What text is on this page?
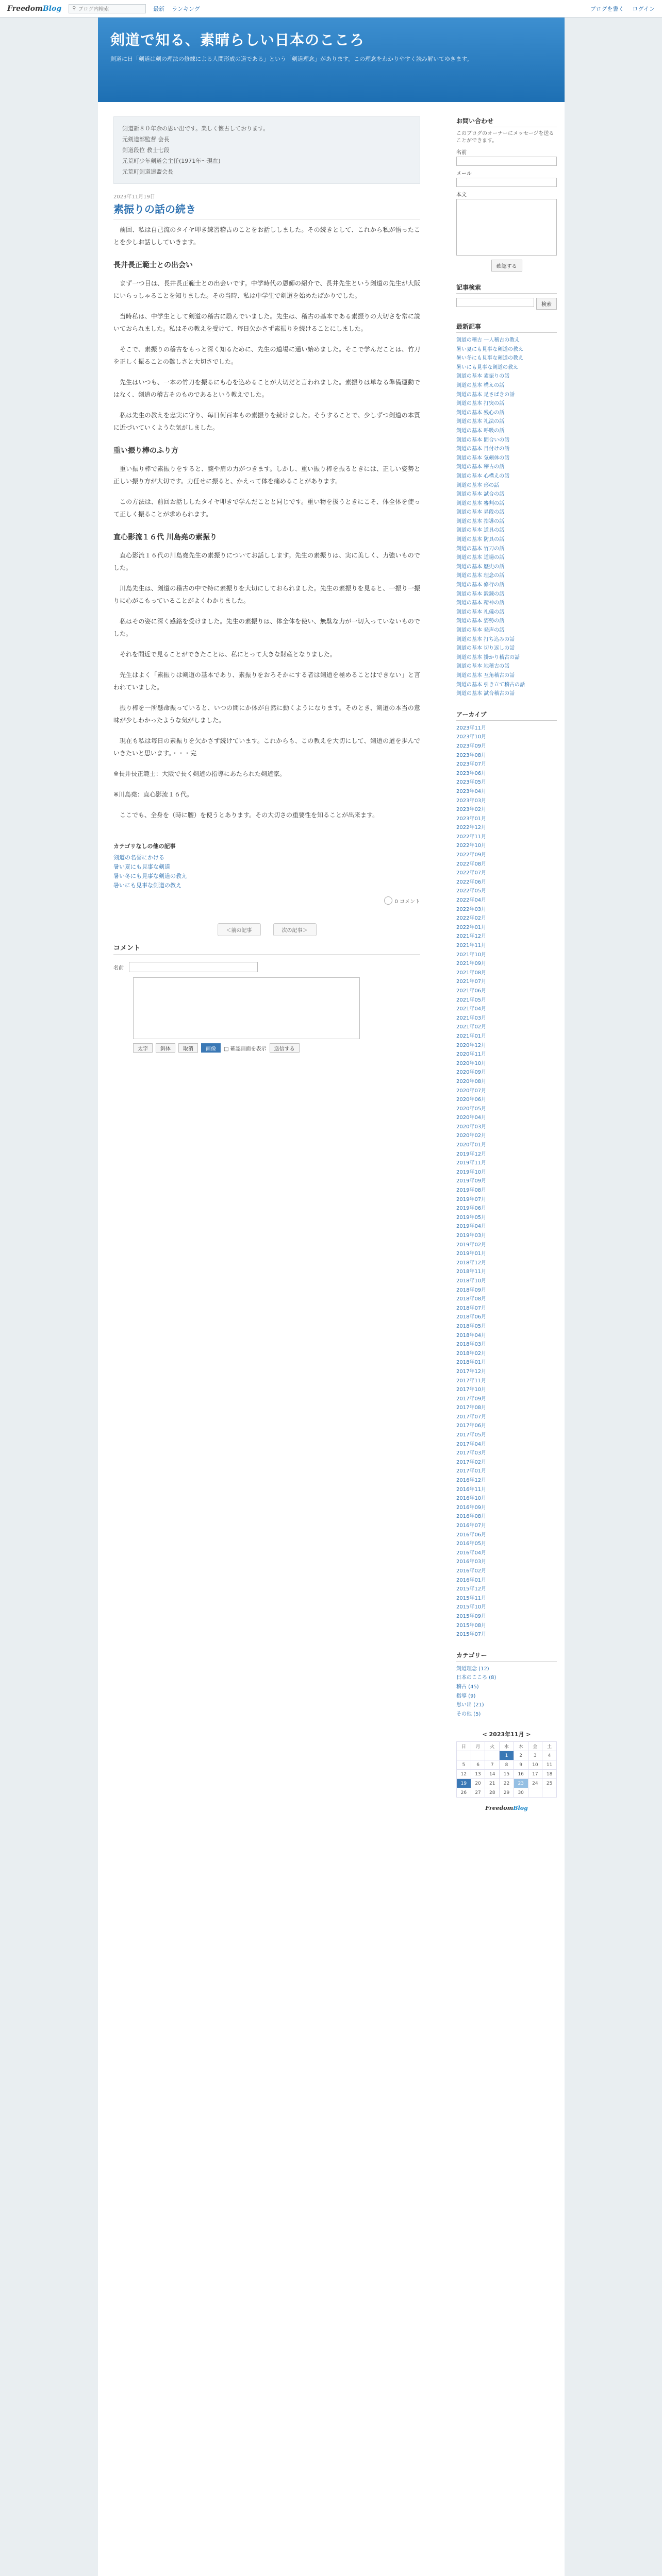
FreedomBlog ⚲ ブログ内検索	最新 ランキング	ブログを書く ログイン
剣道で知る、素晴らしい日本のこころ

剣道に日「剣道は剣の理法の修練による人間形成の道である」という「剣道理念」があります。この理念をわかりやすく読み解いてゆきます。

剣道新８０年余の思い出です。楽しく懐古しております。
元剣道部監督 会長
剣道段位 教士七段
元荒町少年剣道会主任(1971年〜現在)
元荒町剣道連盟会長
2023年11月19日
素振りの話の続き

前回、私は自己流のタイヤ叩き練習稽古のことをお話ししました。その続きとして、これから私が悟ったことを少しお話ししていきます。

長井長正範士との出会い

まず一つ目は、長井長正範士との出会いです。中学時代の恩師の紹介で、長井先生という剣道の先生が大阪にいらっしゃることを知りました。その当時、私は中学生で剣道を始めたばかりでした。

当時私は、中学生として剣道の稽古に励んでいました。先生は、稽古の基本である素振りの大切さを常に説いておられました。私はその教えを受けて、毎日欠かさず素振りを続けることにしました。

そこで、素振りの稽古をもっと深く知るために、先生の道場に通い始めました。そこで学んだことは、竹刀を正しく振ることの難しさと大切さでした。

先生はいつも、一本の竹刀を振るにも心を込めることが大切だと言われました。素振りは単なる準備運動ではなく、剣道の稽古そのものであるという教えでした。

私は先生の教えを忠実に守り、毎日何百本もの素振りを続けました。そうすることで、少しずつ剣道の本質に近づいていくような気がしました。

重い振り棒のふり方

重い振り棒で素振りをすると、腕や肩の力がつきます。しかし、重い振り棒を振るときには、正しい姿勢と正しい振り方が大切です。力任せに振ると、かえって体を痛めることがあります。

この方法は、前回お話ししたタイヤ叩きで学んだことと同じです。重い物を扱うときにこそ、体全体を使って正しく振ることが求められます。

直心影流１６代 川島堯の素振り

直心影流１６代の川島堯先生の素振りについてお話しします。先生の素振りは、実に美しく、力強いものでした。

川島先生は、剣道の稽古の中で特に素振りを大切にしておられました。先生の素振りを見ると、一振り一振りに心がこもっていることがよくわかりました。

私はその姿に深く感銘を受けました。先生の素振りは、体全体を使い、無駄な力が一切入っていないものでした。

それを間近で見ることができたことは、私にとって大きな財産となりました。

先生はよく「素振りは剣道の基本であり、素振りをおろそかにする者は剣道を極めることはできない」と言われていました。

振り棒を一所懸命振っていると、いつの間にか体が自然に動くようになります。そのとき、剣道の本当の意味が少しわかったような気がしました。

現在も私は毎日の素振りを欠かさず続けています。これからも、この教えを大切にして、剣道の道を歩んでいきたいと思います。・・・完

※長井長正範士：大阪で長く剣道の指導にあたられた剣道家。

※川島堯：直心影流１６代。

ここでも、全身を（時に腰）を使うとあります。その大切さの重要性を知ることが出来ます。

カテゴリなしの他の記事
剣道の名誉にかける
暑い夏にも見事な剣道
暑い冬にも見事な剣道の教え
暑いにも見事な剣道の教え
0 コメント
＜前の記事	次の記事＞
コメント
名前
太字	斜体	取消	画像	□ 確認画面を表示	送信する
お問い合わせ

このブログのオーナーにメッセージを送ることができます。

名前
メール
本文
確認する
記事検索
検索
最新記事
剣道の稽古 一人稽古の教え
暑い夏にも見事な剣道の教え
暑い冬にも見事な剣道の教え
暑いにも見事な剣道の教え
剣道の基本 素振りの話
剣道の基本 構えの話
剣道の基本 足さばきの話
剣道の基本 打突の話
剣道の基本 残心の話
剣道の基本 礼法の話
剣道の基本 呼吸の話
剣道の基本 間合いの話
剣道の基本 目付けの話
剣道の基本 気剣体の話
剣道の基本 稽古の話
剣道の基本 心構えの話
剣道の基本 形の話
剣道の基本 試合の話
剣道の基本 審判の話
剣道の基本 昇段の話
剣道の基本 指導の話
剣道の基本 道具の話
剣道の基本 防具の話
剣道の基本 竹刀の話
剣道の基本 道場の話
剣道の基本 歴史の話
剣道の基本 理念の話
剣道の基本 修行の話
剣道の基本 鍛錬の話
剣道の基本 精神の話
剣道の基本 礼儀の話
剣道の基本 姿勢の話
剣道の基本 発声の話
剣道の基本 打ち込みの話
剣道の基本 切り返しの話
剣道の基本 掛かり稽古の話
剣道の基本 地稽古の話
剣道の基本 互角稽古の話
剣道の基本 引き立て稽古の話
剣道の基本 試合稽古の話
アーカイブ
2023年11月
2023年10月
2023年09月
2023年08月
2023年07月
2023年06月
2023年05月
2023年04月
2023年03月
2023年02月
2023年01月
2022年12月
2022年11月
2022年10月
2022年09月
2022年08月
2022年07月
2022年06月
2022年05月
2022年04月
2022年03月
2022年02月
2022年01月
2021年12月
2021年11月
2021年10月
2021年09月
2021年08月
2021年07月
2021年06月
2021年05月
2021年04月
2021年03月
2021年02月
2021年01月
2020年12月
2020年11月
2020年10月
2020年09月
2020年08月
2020年07月
2020年06月
2020年05月
2020年04月
2020年03月
2020年02月
2020年01月
2019年12月
2019年11月
2019年10月
2019年09月
2019年08月
2019年07月
2019年06月
2019年05月
2019年04月
2019年03月
2019年02月
2019年01月
2018年12月
2018年11月
2018年10月
2018年09月
2018年08月
2018年07月
2018年06月
2018年05月
2018年04月
2018年03月
2018年02月
2018年01月
2017年12月
2017年11月
2017年10月
2017年09月
2017年08月
2017年07月
2017年06月
2017年05月
2017年04月
2017年03月
2017年02月
2017年01月
2016年12月
2016年11月
2016年10月
2016年09月
2016年08月
2016年07月
2016年06月
2016年05月
2016年04月
2016年03月
2016年02月
2016年01月
2015年12月
2015年11月
2015年10月
2015年09月
2015年08月
2015年07月
カテゴリー
剣道理念 (12)
日本のこころ (8)
稽古 (45)
指導 (9)
思い出 (21)
その他 (5)
< 2023年11月 >
日	月	火	水	木	金	土
			1	2	3	4
5	6	7	8	9	10	11
12	13	14	15	16	17	18
19	20	21	22	23	24	25
26	27	28	29	30		
FreedomBlog
